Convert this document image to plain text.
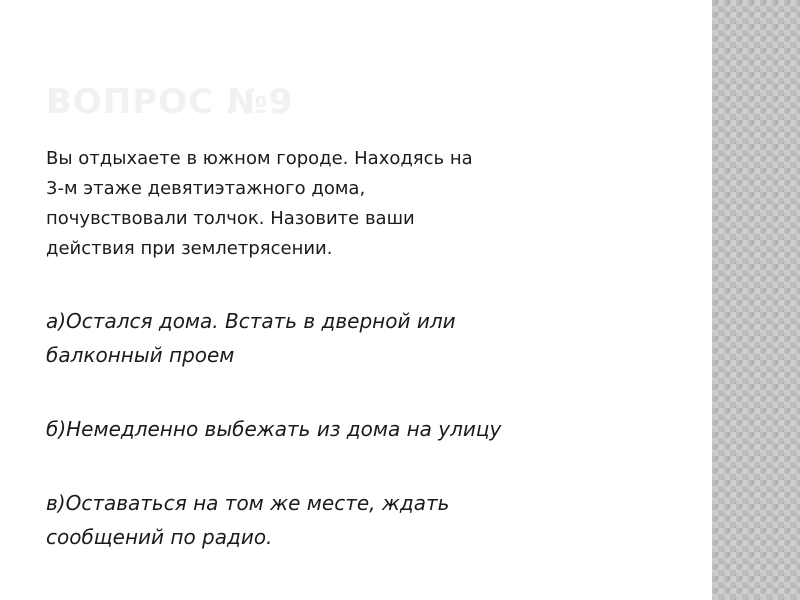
ВОПРОС №9
Вы отдыхаете в южном городе. Находясь на
3-м этаже девятиэтажного дома,
почувствовали толчок. Назовите ваши
действия при землетрясении.
а)Остался дома. Встать в дверной или
балконный проем
б)Немедленно выбежать из дома на улицу
в)Оставаться на том же месте, ждать
сообщений по радио.
